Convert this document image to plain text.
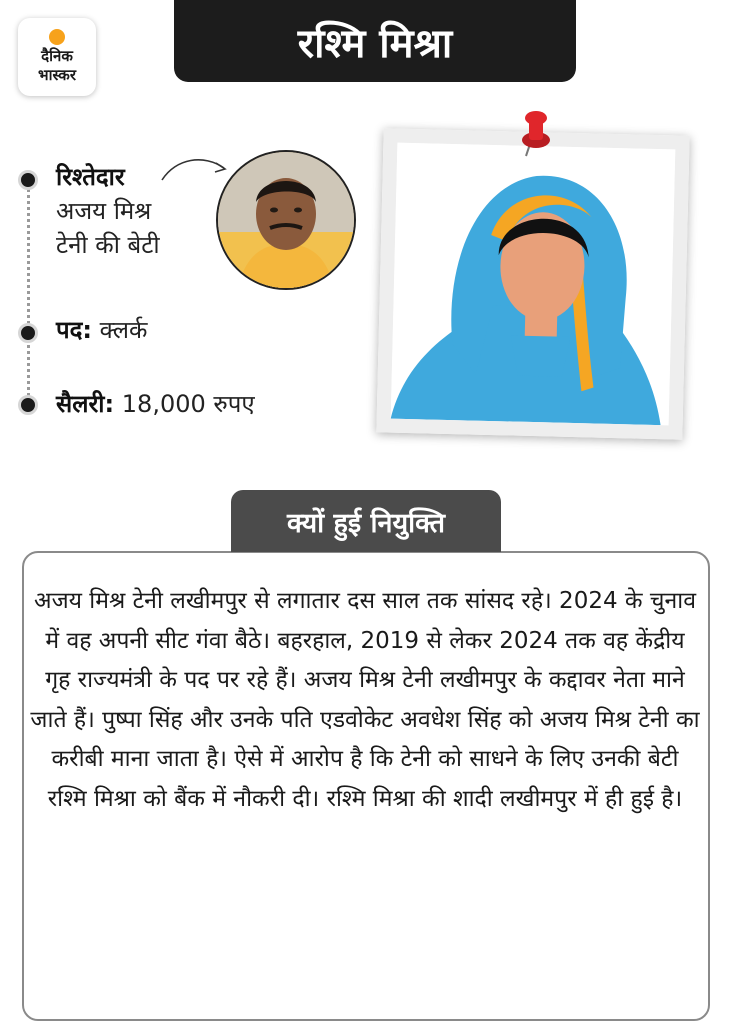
दैनिक
भास्कर
रश्मि मिश्रा
रिश्तेदार
अजय मिश्र
टेनी की बेटी
पद: क्लर्क
सैलरी: 18,000 रुपए
क्यों हुई नियुक्ति
अजय मिश्र टेनी लखीमपुर से लगातार दस साल तक सांसद रहे। 2024 के चुनाव में वह अपनी सीट गंवा बैठे। बहरहाल, 2019 से लेकर 2024 तक वह केंद्रीय गृह राज्यमंत्री के पद पर रहे हैं। अजय मिश्र टेनी लखीमपुर के कद्दावर नेता माने जाते हैं। पुष्पा सिंह और उनके पति एडवोकेट अवधेश सिंह को अजय मिश्र टेनी का करीबी माना जाता है। ऐसे में आरोप है कि टेनी को साधने के लिए उनकी बेटी रश्मि मिश्रा को बैंक में नौकरी दी। रश्मि मिश्रा की शादी लखीमपुर में ही हुई है।
